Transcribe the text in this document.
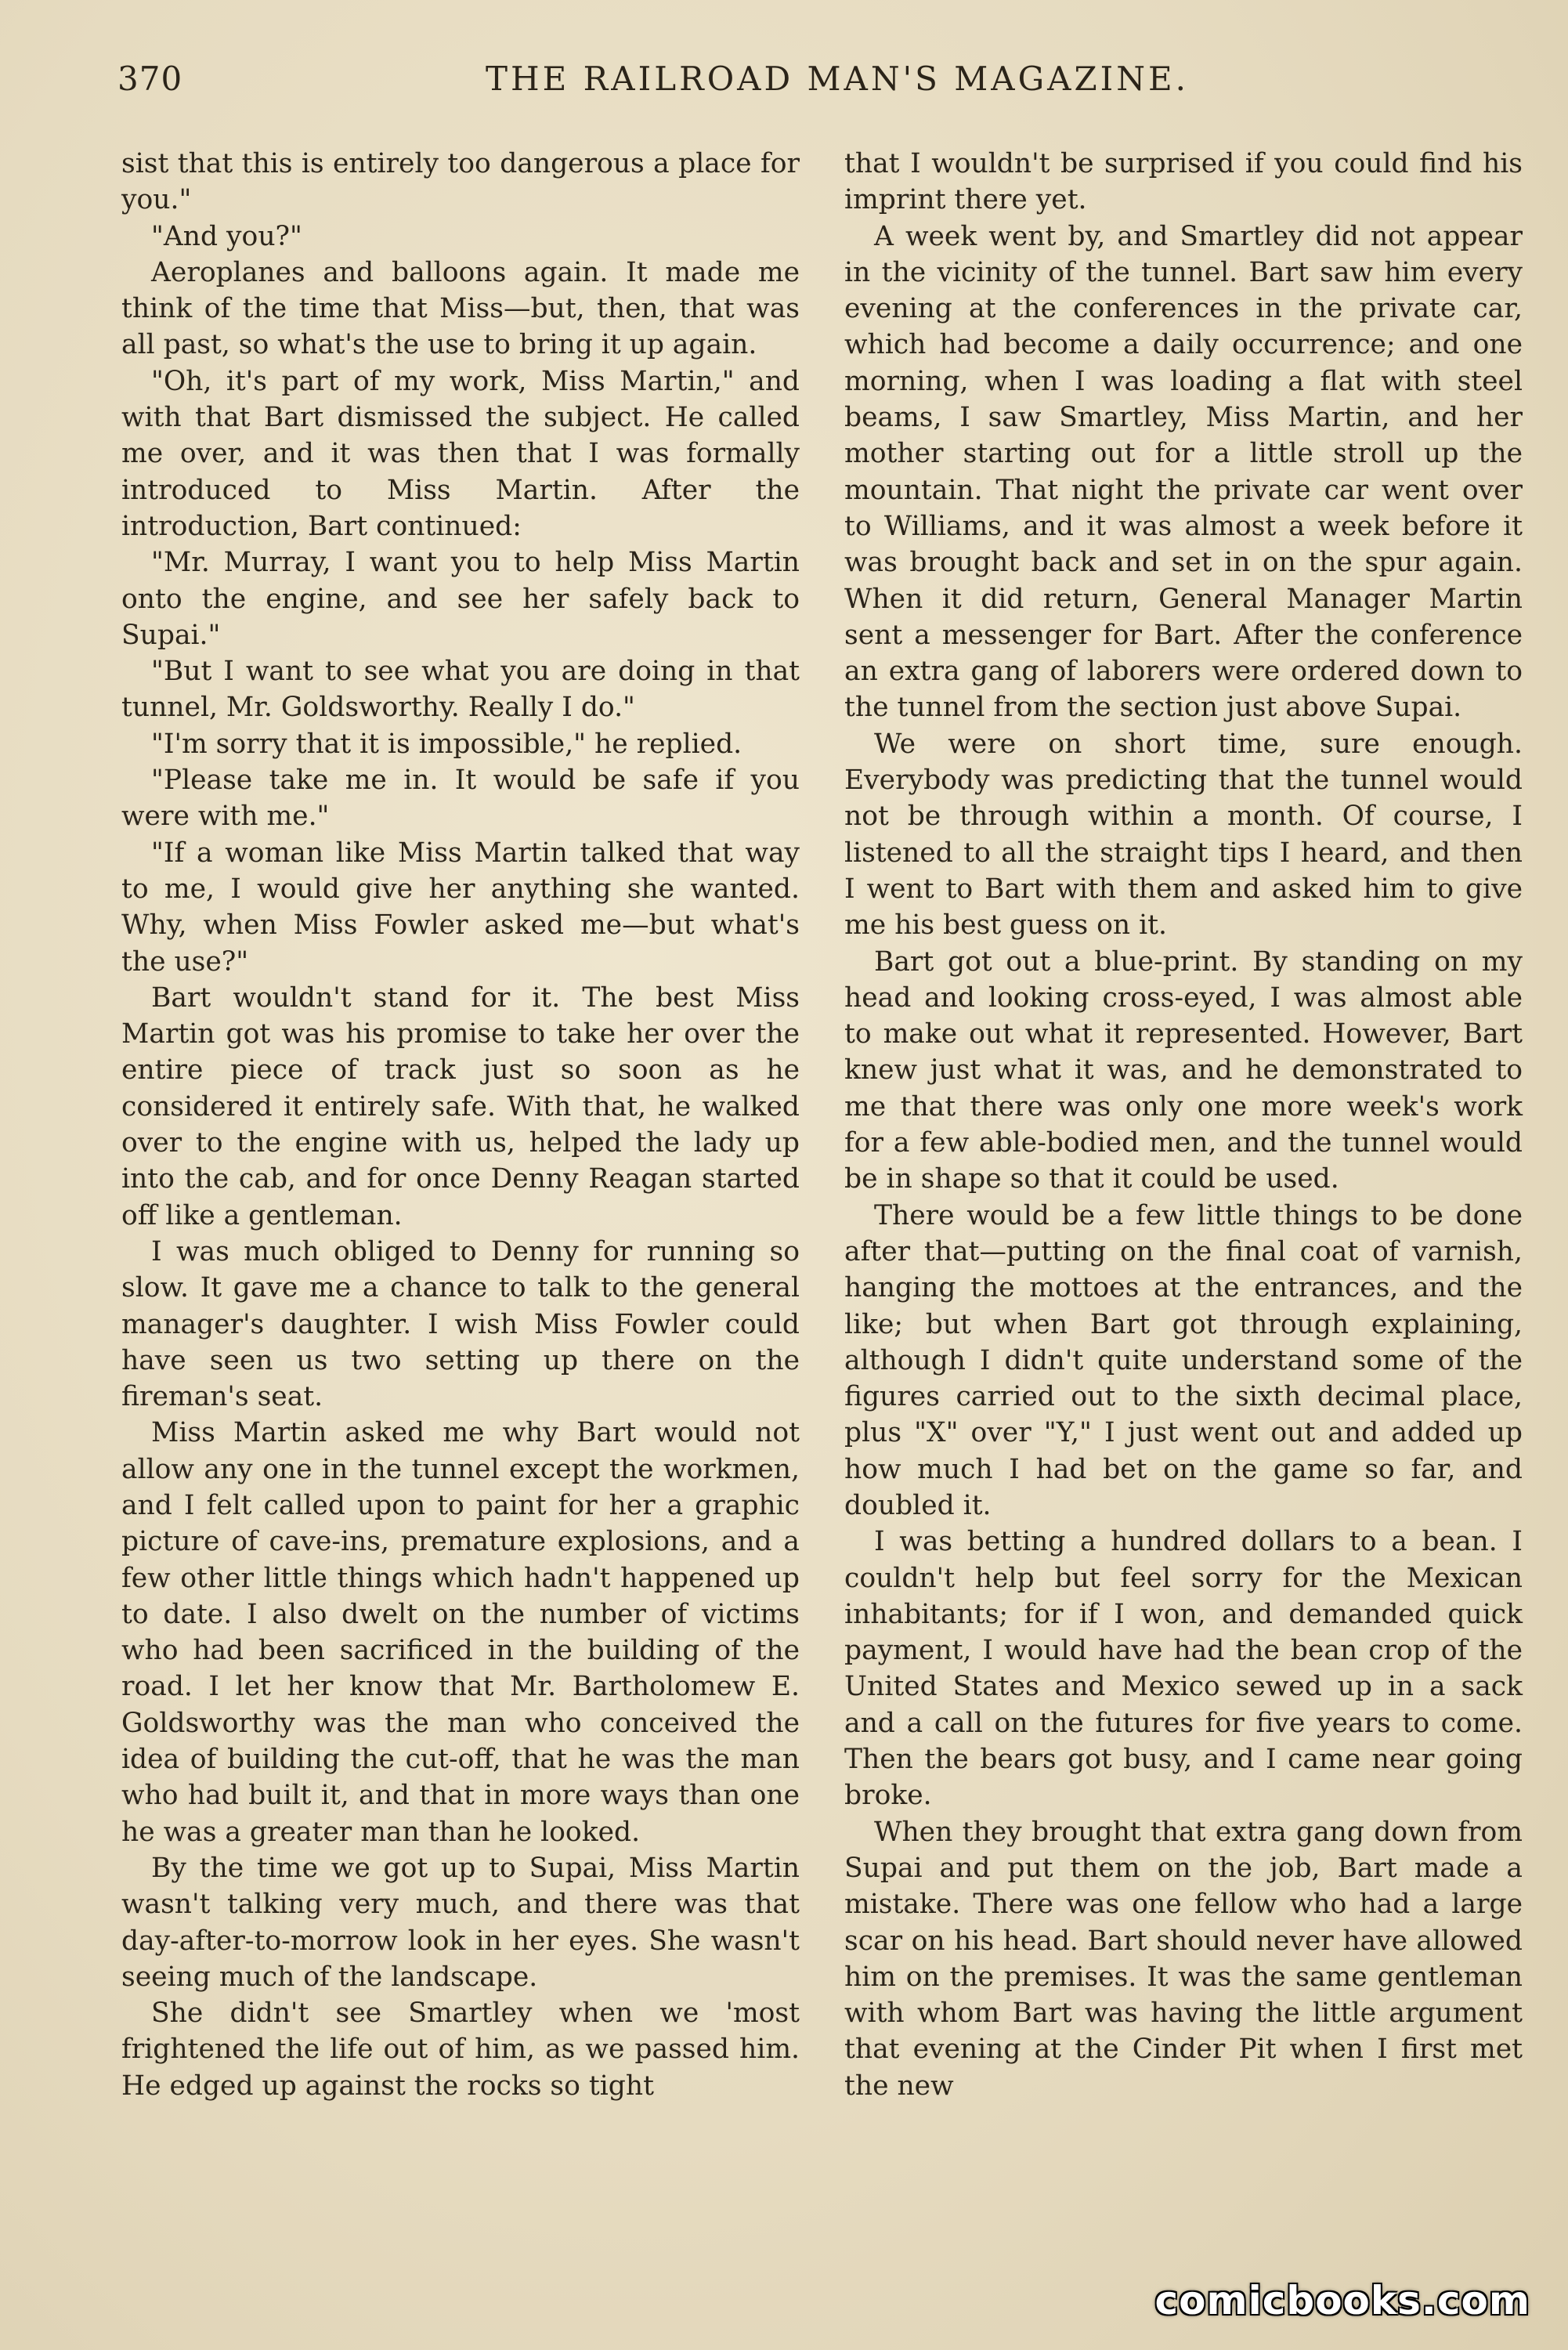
370	THE RAILROAD MAN'S MAGAZINE.

sist that this is entirely too dangerous a place for you."

"And you?"

Aeroplanes and balloons again. It made me think of the time that Miss—but, then, that was all past, so what's the use to bring it up again.

"Oh, it's part of my work, Miss Martin," and with that Bart dismissed the subject. He called me over, and it was then that I was formally introduced to Miss Martin. After the introduction, Bart continued:

"Mr. Murray, I want you to help Miss Martin onto the engine, and see her safely back to Supai."

"But I want to see what you are doing in that tunnel, Mr. Goldsworthy. Really I do."

"I'm sorry that it is impossible," he replied.

"Please take me in. It would be safe if you were with me."

"If a woman like Miss Martin talked that way to me, I would give her anything she wanted. Why, when Miss Fowler asked me—but what's the use?"

Bart wouldn't stand for it. The best Miss Martin got was his promise to take her over the entire piece of track just so soon as he considered it entirely safe. With that, he walked over to the engine with us, helped the lady up into the cab, and for once Denny Reagan started off like a gentleman.

I was much obliged to Denny for running so slow. It gave me a chance to talk to the general manager's daughter. I wish Miss Fowler could have seen us two setting up there on the fireman's seat.

Miss Martin asked me why Bart would not allow any one in the tunnel except the workmen, and I felt called upon to paint for her a graphic picture of cave-ins, premature explosions, and a few other little things which hadn't happened up to date. I also dwelt on the number of victims who had been sacrificed in the building of the road. I let her know that Mr. Bartholomew E. Goldsworthy was the man who conceived the idea of building the cut-off, that he was the man who had built it, and that in more ways than one he was a greater man than he looked.

By the time we got up to Supai, Miss Martin wasn't talking very much, and there was that day-after-to-morrow look in her eyes. She wasn't seeing much of the landscape.

She didn't see Smartley when we 'most frightened the life out of him, as we passed him. He edged up against the rocks so tight

that I wouldn't be surprised if you could find his imprint there yet.

A week went by, and Smartley did not appear in the vicinity of the tunnel. Bart saw him every evening at the conferences in the private car, which had become a daily occurrence; and one morning, when I was loading a flat with steel beams, I saw Smartley, Miss Martin, and her mother starting out for a little stroll up the mountain. That night the private car went over to Williams, and it was almost a week before it was brought back and set in on the spur again. When it did return, General Manager Martin sent a messenger for Bart. After the conference an extra gang of laborers were ordered down to the tunnel from the section just above Supai.

We were on short time, sure enough. Everybody was predicting that the tunnel would not be through within a month. Of course, I listened to all the straight tips I heard, and then I went to Bart with them and asked him to give me his best guess on it.

Bart got out a blue-print. By standing on my head and looking cross-eyed, I was almost able to make out what it represented. However, Bart knew just what it was, and he demonstrated to me that there was only one more week's work for a few able-bodied men, and the tunnel would be in shape so that it could be used.

There would be a few little things to be done after that—putting on the final coat of varnish, hanging the mottoes at the entrances, and the like; but when Bart got through explaining, although I didn't quite understand some of the figures carried out to the sixth decimal place, plus "X" over "Y," I just went out and added up how much I had bet on the game so far, and doubled it.

I was betting a hundred dollars to a bean. I couldn't help but feel sorry for the Mexican inhabitants; for if I won, and demanded quick payment, I would have had the bean crop of the United States and Mexico sewed up in a sack and a call on the futures for five years to come. Then the bears got busy, and I came near going broke.

When they brought that extra gang down from Supai and put them on the job, Bart made a mistake. There was one fellow who had a large scar on his head. Bart should never have allowed him on the premises. It was the same gentleman with whom Bart was having the little argument that evening at the Cinder Pit when I first met the new

comicbooks.com
